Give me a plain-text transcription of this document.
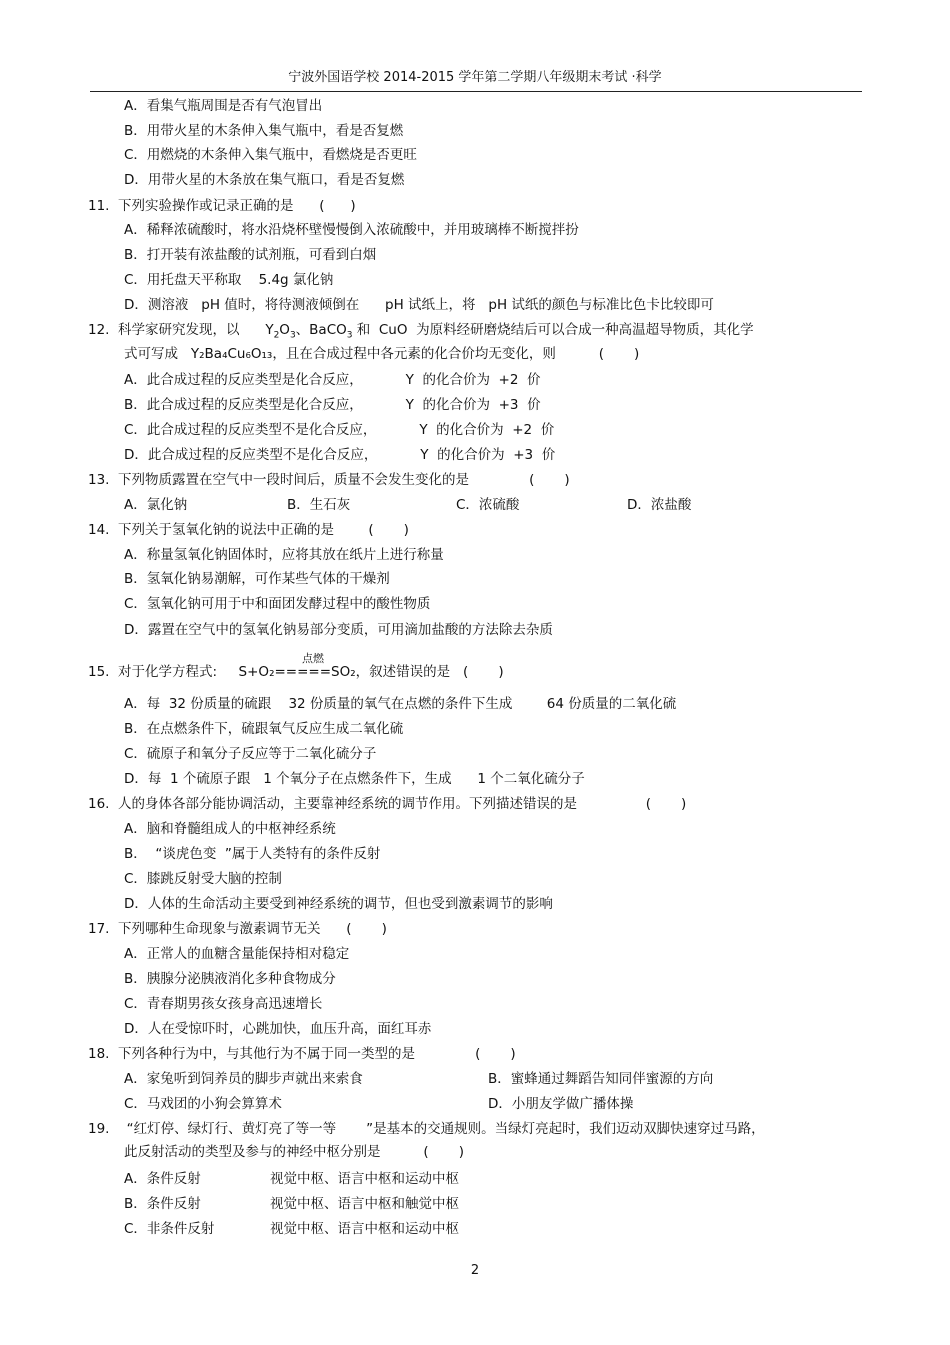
宁波外国语学校 2014-2015 学年第二学期八年级期末考试 ·科学
A．看集气瓶周围是否有气泡冒出
B．用带火星的木条伸入集气瓶中，看是否复燃
C．用燃烧的木条伸入集气瓶中，看燃烧是否更旺
D．用带火星的木条放在集气瓶口，看是否复燃
11.  下列实验操作或记录正确的是      (      )
A．稀释浓硫酸时，将水沿烧杯壁慢慢倒入浓硫酸中，并用玻璃棒不断搅拌扮
B．打开装有浓盐酸的试剂瓶，可看到白烟
C．用托盘天平称取    5.4g 氯化钠
D．测溶液   pH 值时，将待测液倾倒在      pH 试纸上，将   pH 试纸的颜色与标准比色卡比较即可
12.  科学家研究发现，以 $Y_2O_3$、BaCO$_3$ 和  CuO  为原料经研磨烧结后可以合成一种高温超导物质，其化学
式可写成   Y₂Ba₄Cu₆O₁₃，且在合成过程中各元素的化合价均无变化，则          (       )
A．此合成过程的反应类型是化合反应，          Y  的化合价为  +2  价
B．此合成过程的反应类型是化合反应，          Y  的化合价为  +3  价
C．此合成过程的反应类型不是化合反应，          Y  的化合价为  +2  价
D．此合成过程的反应类型不是化合反应，          Y  的化合价为  +3  价
13.  下列物质露置在空气中一段时间后，质量不会发生变化的是              (       )
A．氯化钠	B．生石灰	C．浓硫酸	D．浓盐酸
14.  下列关于氢氧化钠的说法中正确的是        (       )
A．称量氢氧化钠固体时，应将其放在纸片上进行称量
B．氢氧化钠易潮解，可作某些气体的干燥剂
C．氢氧化钠可用于中和面团发酵过程中的酸性物质
D．露置在空气中的氢氧化钠易部分变质，可用滴加盐酸的方法除去杂质
点燃
15.  对于化学方程式:     S+O₂=====SO₂，叙述错误的是   (       )
A．每  32 份质量的硫跟    32 份质量的氧气在点燃的条件下生成        64 份质量的二氧化硫
B．在点燃条件下，硫跟氧气反应生成二氧化硫
C．硫原子和氧分子反应等于二氧化硫分子
D．每  1 个硫原子跟   1 个氧分子在点燃条件下，生成      1 个二氧化硫分子
16.  人的身体各部分能协调活动，主要靠神经系统的调节作用。下列描述错误的是                (       )
A．脑和脊髓组成人的中枢神经系统
B．  “谈虎色变  ”属于人类特有的条件反射
C．膝跳反射受大脑的控制
D．人体的生命活动主要受到神经系统的调节，但也受到激素调节的影响
17.  下列哪种生命现象与激素调节无关      (       )
A．正常人的血糖含量能保持相对稳定
B．胰腺分泌胰液消化多种食物成分
C．青春期男孩女孩身高迅速增长
D．人在受惊吓时，心跳加快，血压升高，面红耳赤
18.  下列各种行为中，与其他行为不属于同一类型的是              (       )
A．家兔听到饲养员的脚步声就出来索食	B．蜜蜂通过舞蹈告知同伴蜜源的方向
C．马戏团的小狗会算算术	D．小朋友学做广播体操
19.    “红灯停、绿灯行、黄灯亮了等一等       ”是基本的交通规则。当绿灯亮起时，我们迈动双脚快速穿过马路，
此反射活动的类型及参与的神经中枢分别是          (       )
A．条件反射	视觉中枢、语言中枢和运动中枢
B．条件反射	视觉中枢、语言中枢和触觉中枢
C．非条件反射	视觉中枢、语言中枢和运动中枢
2
